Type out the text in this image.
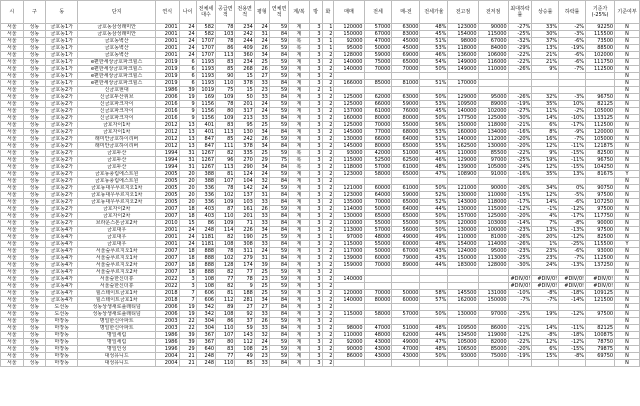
시	구	동	단지	연식	나이	전체세대수	공급면적	전용면적	평형	연체면적	계/복	방	화	매매	전세	매-전	전세가율	전고점	전저점	최대하락률	상승률	하락률	기준가(-25%)	기준여부
서울	성동	금호동1가	금호동삼성래미안	2001	24	582	78	234	24	59	계	3	1	120000	57000	63000	48%	123000	90000	-27%	33%	-2%	92250	N
서울	성동	금호동1가	금호동삼성래미안	2001	24	582	103	242	31	84	계	3	2	150000	67000	83000	45%	154000	115000	-25%	30%	-3%	115500	N
서울	성동	금호동1가	금호동벽산	2001	24	1707	78	244	24	59	복	3	1	92000	47000	45000	51%	98000	67000	-32%	37%	-6%	73500	N
서울	성동	금호동1가	금호동벽산	2001	24	1707	86	409	26	59	복	3	1	95000	50000	45000	53%	118000	84000	-29%	13%	-19%	88500	N
서울	성동	금호동1가	금호동벽산	2001	24	1707	113	360	34	84	계	3	2	128000	59000	69000	46%	136000	106000	-22%	21%	-6%	102000	N
서울	성동	금호동1가	e편한세상금호파크힐스	2019	6	1193	83	234	25	59	계	3	2	140000	75000	65000	54%	149000	116000	-22%	21%	-6%	111750	N
서울	성동	금호동1가	e편한세상금호파크힐스	2019	6	1193	85	268	26	59	계	3	2	140000	70000	70000	50%	149000	110000	-26%	9%	-7%	112500	N
서울	성동	금호동1가	e편한세상금호파크힐스	2019	6	1193	90	15	27	59	계	3	2											N
서울	성동	금호동1가	e편한세상금호파크힐스	2019	6	1193	110	378	33	84	계	3	2	166000	85000	81000	51%	170000						N
서울	성동	금호동2가	신금호현대	1986	39	1019	75	15	23	59	계	2	1											N
서울	성동	금호동2가	신금호두산위브	2006	19	169	109	50	33	84	계	3	2	125000	62000	63000	50%	129000	95000	-26%	32%	-3%	96750	N
서울	성동	금호동2가	신금호파크자이	2016	9	1156	78	201	24	59	계	3	2	125000	66000	59000	53%	109500	89000	-19%	35%	10%	82125	N
서울	성동	금호동2가	신금호파크자이	2016	9	1156	80	317	24	59	계	3	2	137000	61000	76000	45%	140000	102000	-27%	11%	-2%	105000	N
서울	성동	금호동2가	신금호파크자이	2016	9	1156	109	213	33	84	계	3	2	160000	80000	80000	50%	177500	125000	-30%	14%	-10%	133125	N
서울	성동	금호동2가	금호자이1차	2012	13	401	83	95	25	59	계	3	2	125000	70000	55000	56%	150000	118000	-21%	6%	-17%	112500	N
서울	성동	금호동2가	금호자이1차	2012	13	401	113	130	34	84	계	3	2	145000	77000	68000	53%	160000	134000	-16%	8%	-9%	120000	N
서울	성동	금호동2가	래미안금호하이리버	2012	13	847	85	242	26	59	계	3	2	130000	66000	64000	51%	140000	112000	-20%	16%	-7%	105000	N
서울	성동	금호동2가	래미안금호하이리버	2012	13	847	111	378	34	84	계	3	2	145000	80000	65000	55%	162500	130000	-20%	12%	-11%	121875	N
서울	성동	금호동2가	금호두산	1994	31	1267	82	335	25	59	복	3	2	93000	42000	51000	45%	110000	85500	-22%	9%	-15%	82500	N
서울	성동	금호동2가	금호두산	1994	31	1267	96	270	29	75	복	3	2	115000	52500	62500	46%	129000	97000	-25%	19%	-11%	96750	N
서울	성동	금호동2가	금호두산	1994	31	1267	113	290	34	84	복	3	2	118000	57000	61000	48%	139000	105000	-24%	12%	-15%	104250	N
서울	성동	금호동2가	금호동풍림에스트원	2005	20	388	81	124	24	59	계	3	2	123000	58000	65000	47%	108900	91000	-16%	35%	13%	81675	Y
서울	성동	금호동2가	금호동풍림에스트원	2005	20	388	107	104	32	84	계	3	2											N
서울	성동	금호동2가	금호동대우푸르지오1차	2005	20	336	78	142	24	59	계	3	2	121000	60000	61000	50%	121000	90000	-26%	34%	0%	90750	N
서울	성동	금호동2가	금호동대우푸르지오1차	2005	20	336	102	137	31	84	계	3	2	123000	64000	59000	52%	130000	110000	-15%	12%	-5%	97500	N
서울	성동	금호동2가	금호동대우푸르지오2차	2005	20	336	109	103	33	84	계	3	2	135000	70000	65000	52%	143000	118000	-17%	14%	-6%	107250	N
서울	성동	금호동2가	금호자이2차	2007	18	403	87	161	26	59	계	3	2	114000	50000	64000	44%	130000	115000	-12%	-1%	-12%	97500	N
서울	성동	금호동2가	금호자이2차	2007	18	403	110	201	33	84	계	3	2	130000	65000	65000	50%	157000	125000	-20%	4%	-17%	117750	N
서울	성동	금호동2가	브라운스톤금호2차	2010	15	86	109	71	33	84	계	3	2	110000	55000	55000	50%	120000	103000	-14%	7%	-8%	90000	N
서울	성동	금호동4가	금호대우	2001	24	248	114	226	34	84	계	3	2	113000	57000	56000	50%	130000	100000	-23%	13%	-13%	97500	N
서울	성동	금호동4가	금호대우	2001	24	1181	82	190	25	59	계	3	1	97000	48000	49000	49%	110000	81000	-26%	20%	-12%	82500	N
서울	성동	금호동4가	금호대우	2001	24	1181	108	308	33	84	계	3	2	115000	55000	60000	48%	154000	114000	-26%	1%	-25%	115500	Y
서울	성동	금호동4가	서울숲푸르지오1차	2007	18	888	78	311	24	59	계	3	2	117000	50000	67000	43%	124000	95000	-23%	23%	-6%	93000	N
서울	성동	금호동4가	서울숲푸르지오1차	2007	18	888	102	279	31	84	계	3	2	139000	60000	79000	43%	150000	113000	-25%	23%	-7%	112500	N
서울	성동	금호동4가	서울숲푸르지오2차	2007	18	888	128	174	39	84	계	3	2	159000	70000	89000	44%	183000	128000	-30%	24%	-13%	137250	N
서울	성동	금호동4가	서울숲푸르지오2차	2007	18	888	82	77	25	59	계	3	2											N
서울	성동	금호동4가	서울숲한신더휴	2022	3	108	77	78	23	59	계	3	2	140000						#DIV/0!	#DIV/0!	#DIV/0!	#DIV/0!	N
서울	성동	금호동4가	서울숲한신더휴	2022	3	108	82	9	25	59	계	3	2							#DIV/0!	#DIV/0!	#DIV/0!	#DIV/0!	N
서울	성동	금호동4가	힐스테이트금호1차	2018	7	606	81	188	25	59	계	3	2	120000	70000	50000	58%	145500	131000	-10%	-8%	-18%	109125	N
서울	성동	금호동4가	힐스테이트금호1차	2018	7	606	112	281	34	84	계	3	2	140000	80000	60000	57%	162000	150000	-7%	-7%	-14%	121500	N
서울	성동	도선동	성동상생새로플래티넘	2006	19	342	89	27	27	84	계	3	2											N
서울	성동	도선동	성동상생새로플래티넘	2006	19	342	108	92	33	84	계	3	2	115000	58000	57000	50%	130000	97000	-25%	19%	-12%	97500	N
서울	성동	마장동	명일한신아파트	2003	22	304	86	37	26	59	계	3	2											N
서울	성동	마장동	명일한신아파트	2003	22	304	110	59	33	84	계	3	2	98000	47000	51000	48%	109500	86000	-21%	14%	-11%	82125	N
서울	성동	마장동	명일세림	1986	39	367	107	143	32	84	계	3	2	110000	48000	62000	44%	134500	119000	-12%	-8%	-18%	100875	N
서울	성동	마장동	명일세림	1986	39	367	80	112	24	59	계	3	2	92000	43000	49000	47%	105000	82000	-22%	12%	-12%	78750	N
서울	성동	마장동	명일인성	1996	29	640	83	108	25	59	계	3	2	90000	43000	47000	48%	106500	85000	-20%	6%	-15%	79875	N
서울	성동	마장동	대성유니드	2004	21	248	77	49	23	59	계	3	2	86000	43000	43000	50%	93000	75000	-19%	15%	-8%	69750	N
서울	성동	마장동	대성유니드	2004	21	248	110	85	33	84	계	3	2											N
